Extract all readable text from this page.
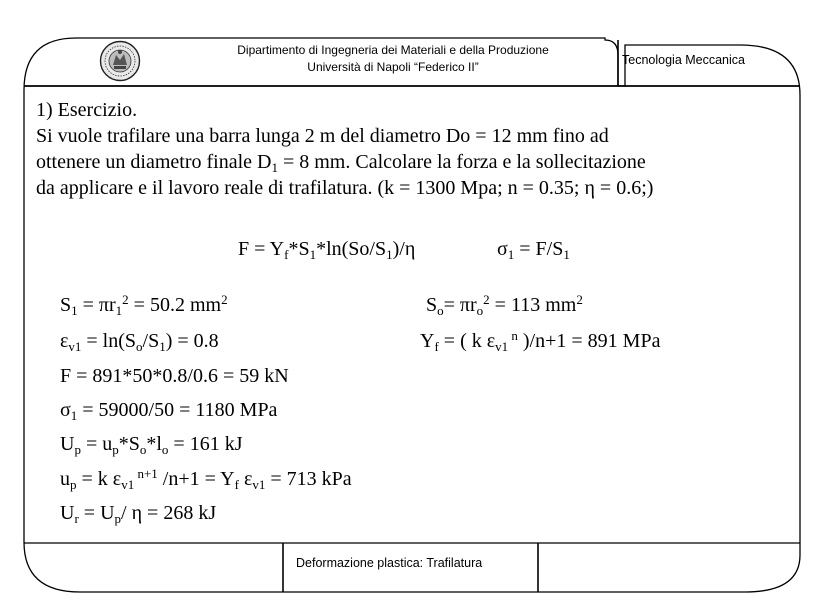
Dipartimento di Ingegneria dei Materiali e della Produzione
Università di Napoli “Federico II”	Tecnologia Meccanica
1) Esercizio.
Si vuole trafilare una barra lunga 2 m del diametro Do = 12 mm fino ad
ottenere un diametro finale $D_1 = 8$ mm. Calcolare la forza e la sollecitazione
da applicare e il lavoro reale di trafilatura. (k = 1300 Mpa; n = 0.35; η = 0.6;)
$F = Y_f*S_1*\ln(So/S_1)/\eta$	$\sigma_1 = F/S_1$
$S_1 = \pi r_1^2 = 50.2$ $mm^2$	$S_o= \pi r_o^2 = 113$ $mm^2$
$\varepsilon_{v1} = \ln(S_o/S_1) = 0.8$	$Y_f$ = ( k $\varepsilon_{v1}$ $^n$ )/n+1 = 891 MPa
F = 891*50*0.8/0.6 = 59 kN
$\sigma_1 = 59000/50 = 1180$ MPa
$U_p = u_p*S_o*l_o = 161$ kJ
$u_p = k$ $\varepsilon_{v1}$ $^{n+1}$ $/n+1 = Y_f$ $\varepsilon_{v1} = 713$ kPa
$U_r = U_p/$ η = 268 kJ
Deformazione plastica: Trafilatura
